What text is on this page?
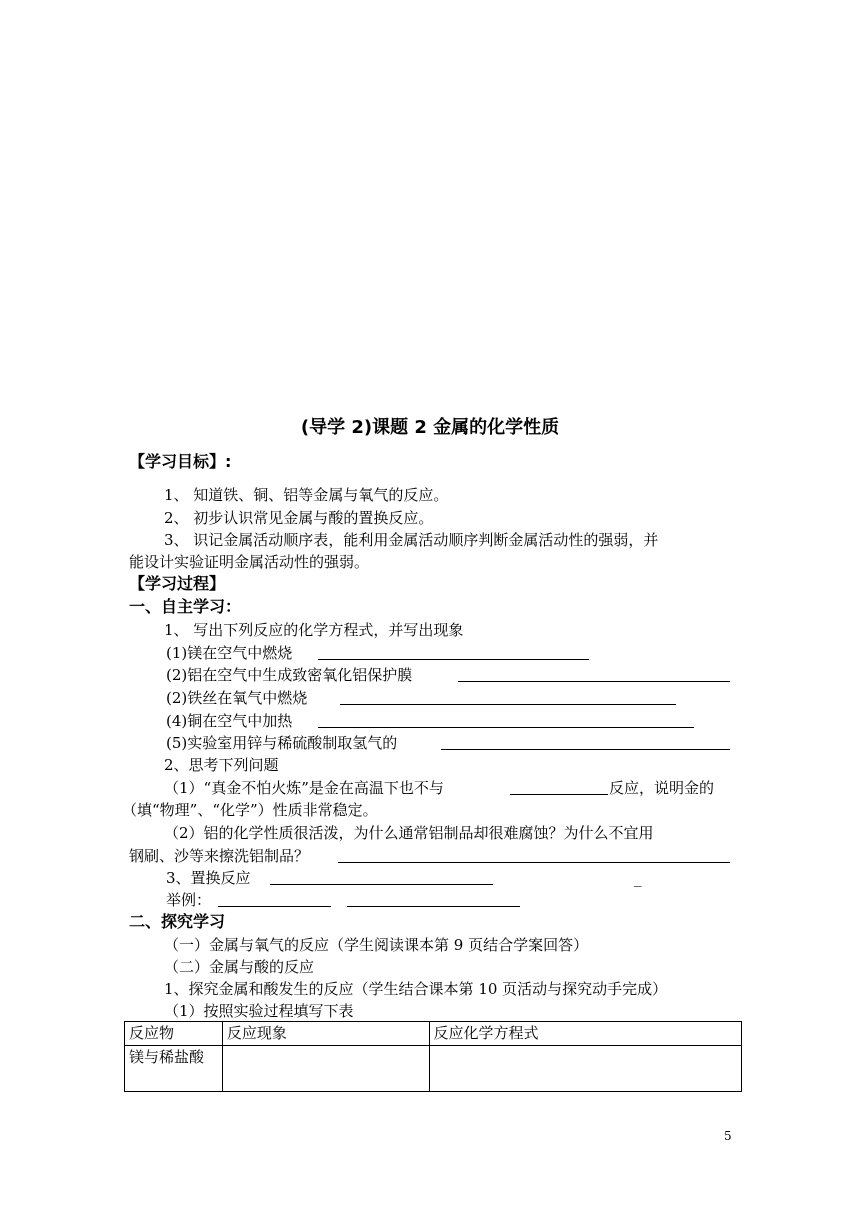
(导学 2)课题 2 金属的化学性质
【学习目标】:
1、 知道铁、铜、铝等金属与氧气的反应。
2、 初步认识常见金属与酸的置换反应。
3、 识记金属活动顺序表，能利用金属活动顺序判断金属活动性的强弱，并
能设计实验证明金属活动性的强弱。
【学习过程】
一、自主学习：
1、 写出下列反应的化学方程式，并写出现象
(1)镁在空气中燃烧
(2)铝在空气中生成致密氧化铝保护膜
(2)铁丝在氧气中燃烧
(4)铜在空气中加热
(5)实验室用锌与稀硫酸制取氢气的
2、思考下列问题
（1）“真金不怕火炼”是金在高温下也不与	反应，说明金的
（填“物理”、“化学”）性质非常稳定。
（2）铝的化学性质很活泼，为什么通常铝制品却很难腐蚀？为什么不宜用
钢刷、沙等来擦洗铝制品？
3、置换反应	_
举例：
二、探究学习
（一）金属与氧气的反应（学生阅读课本第 9 页结合学案回答）
（二）金属与酸的反应
1、探究金属和酸发生的反应（学生结合课本第 10 页活动与探究动手完成）
（1）按照实验过程填写下表
反应物	反应现象	反应化学方程式
镁与稀盐酸		
5
